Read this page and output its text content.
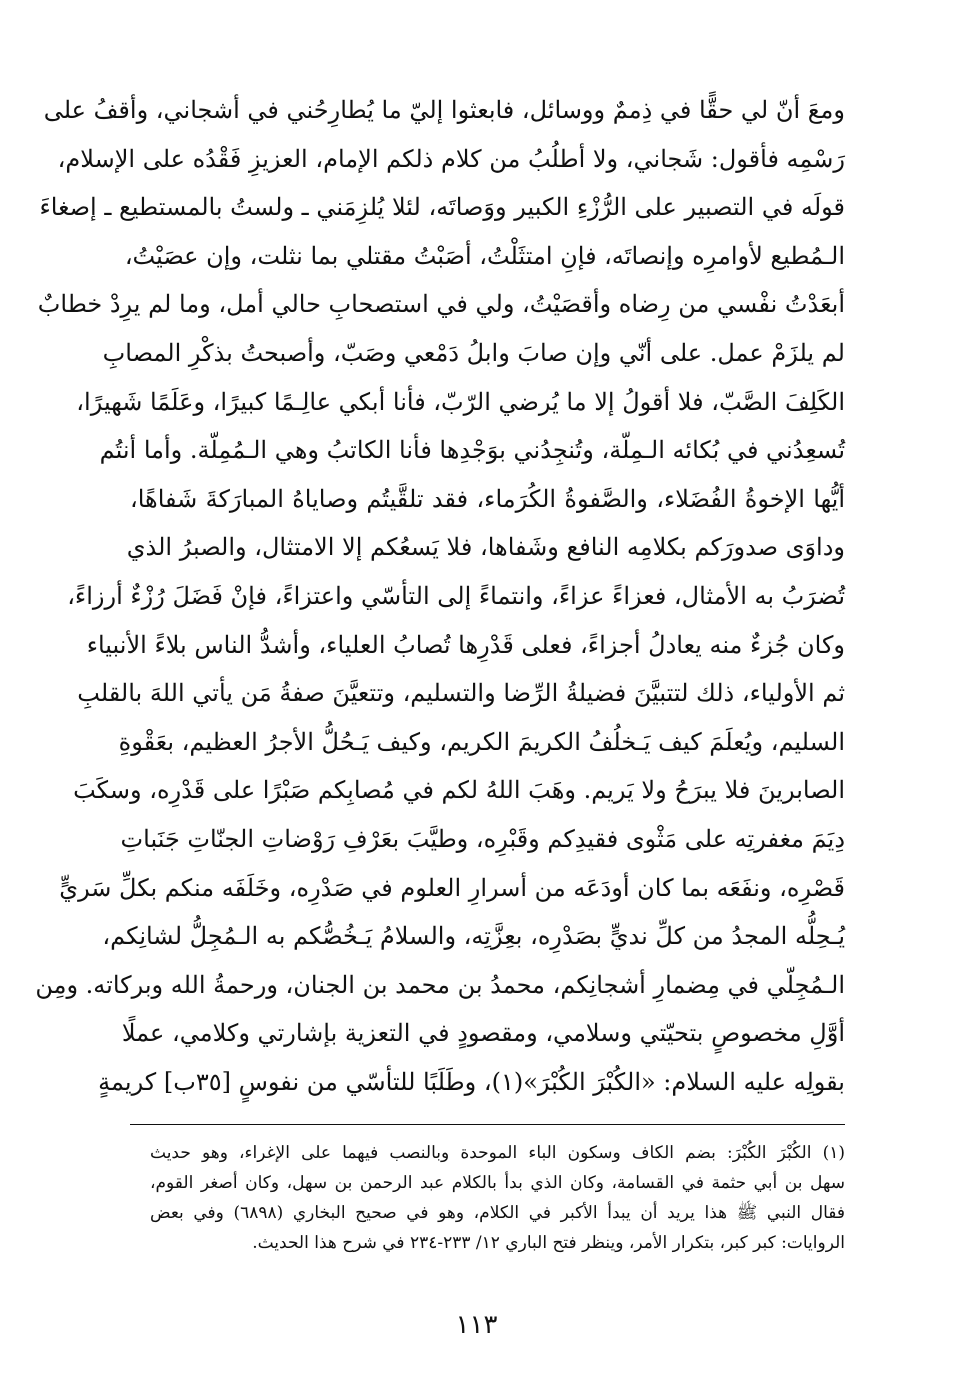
ومعَ أنّ لي حقًّا في ذِممٌ ووسائل، فابعثوا إليّ ما يُطارِحُني في أشجاني، وأقفُ على
رَسْمِه فأقول: شَجاني، ولا أطلُبُ من كلام ذلكم الإمام، العزيزِ فَقْدُه على الإسلام،
قولَه في التصبير على الرُّزْءِ الكبير ووَصاتَه، لئلا يُلزِمَني ـ ولستُ بالمستطيع ـ إصغاءَ
الـمُطيع لأوامرِه وإنصاتَه، فإنِ امتثَلْتُ، أصَبْتُ مقتلي بما نثلت، وإن عصَيْتُ،
أبعَدْتُ نفْسي من رِضاه وأقصَيْتُ، ولي في استصحابِ حالي أمل، وما لم يرِدْ خطابٌ
لم يلزَمْ عمل. على أنّي وإن صابَ وابلُ دَمْعي وصَبّ، وأصبحتُ بذكْرِ المصابِ
الكَلِفَ الصَّبّ، فلا أقولُ إلا ما يُرضي الرّبّ، فأنا أبكي عالِـمًا كبيرًا، وعَلَمًا شَهيرًا،
تُسعِدُني في بُكائه الـمِلّة، وتُنجِدُني بوَجْدِها فأنا الكاتبُ وهي الـمُمِلّة. وأما أنتُم
أيُّها الإخوةُ الفُضَلاء، والصَّفوةُ الكُرَماء، فقد تلقَّيتُم وصاياهُ المبارَكةَ شَفاهًا،
وداوَى صدورَكم بكلامِه النافع وشَفاها، فلا يَسعُكم إلا الامتثال، والصبرُ الذي
تُضرَبُ به الأمثال، فعزاءً عزاءً، وانتماءً إلى التأسّي واعتزاءً، فإنْ فَضَلَ رُزْءٌ أرزاءً،
وكان جُزءٌ منه يعادلُ أجزاءً، فعلى قَدْرِها تُصابُ العلياء، وأشدُّ الناس بلاءً الأنبياء
ثم الأولياء، ذلك لتتبيَّنَ فضيلةُ الرِّضا والتسليم، وتتعيَّنَ صفةُ مَن يأتي اللهَ بالقلبِ
السليم، ويُعلَمَ كيف يَـخلُفُ الكريمَ الكريم، وكيف يَـحُلُّ الأجرُ العظيم، بعَقْوةِ
الصابرينَ فلا يبرَحُ ولا يَريم. وهَبَ اللهُ لكم في مُصابِكم صَبْرًا على قَدْرِه، وسكَبَ
دِيَمَ مغفرتِه على مَثْوى فقيدِكم وقَبْرِه، وطيَّبَ بعَرْفِ رَوْضاتِ الجنّاتِ جَنَباتِ
قَصْرِه، ونفَعَه بما كان أودَعَه من أسرارِ العلوم في صَدْرِه، وخَلَفَه منكم بكلِّ سَريٍّ
يُـحِلُّه المجدُ من كلِّ نديٍّ بصَدْرِه، بعِزَّتِه، والسلامُ يَـخُصُّكم به الـمُجِلُّ لشانِكم،
الـمُجِلّي في مِضمارِ أشجانِكم، محمدُ بن محمد بن الجنان، ورحمةُ الله وبركاته. ومِن
أوَّلِ مخصوصٍ بتحيّتي وسلامي، ومقصودٍ في التعزية بإشارتي وكلامي، عملًا
بقولِه عليه السلام: «الكُبْرَ الكُبْرَ»(١)، وطَلَبًا للتأسّي من نفوسٍ [٣٥ب] كريمةٍ
(١) الكُبْرَ الكُبْرَ: بضم الكاف وسكون الباء الموحدة وبالنصب فيهما على الإغراء، وهو حديث
سهل بن أبي حثمة في القسامة، وكان الذي بدأ بالكلام عبد الرحمن بن سهل، وكان أصغر القوم،
فقال النبي ﷺ هذا يريد أن يبدأ الأكبر في الكلام، وهو في صحيح البخاري (٦٨٩٨) وفي بعض
الروايات: كبر كبر، بتكرار الأمر، وينظر فتح الباري ١٢/ ٢٣٣-٢٣٤ في شرح هذا الحديث.
١١٣
